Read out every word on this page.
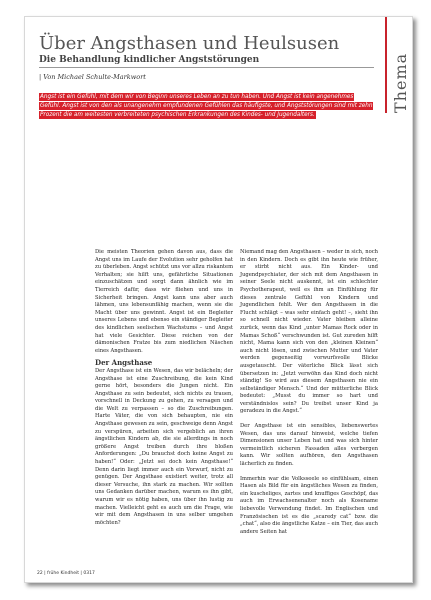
Über Angsthasen und Heulsusen
Die Behandlung kindlicher Angststörungen
| Von Michael Schulte-Markwort	Thema
Angst ist ein Gefühl, mit dem wir von Beginn unseres Leben an zu tun haben. Und Angst ist kein angenehmes Gefühl. Angst ist von den als unangenehm empfundenen Gefühlen das häufigste, und Angststörungen sind mit zehn Prozent die am weitesten verbreiteten psychischen Erkrankungen des Kindes- und Jugendalters.

Die meisten Theorien gehen davon aus, dass die Angst uns im Laufe der Evolution sehr geholfen hat zu überleben. Angst schützt uns vor allzu riskantem Verhalten; sie hilft uns, gefährliche Situationen einzuschätzen und sorgt dann ähnlich wie im Tierreich dafür, dass wir fliehen und uns in Sicherheit bringen. Angst kann uns aber auch lähmen, uns lebensunfähig machen, wenn sie die Macht über uns gewinnt. Angst ist ein Begleiter unseres Lebens und ebenso ein ständiger Begleiter des kindlichen seelischen Wachstums – und Angst hat viele Gesichter. Diese reichen von der dämonischen Fratze bis zum niedlichen Näschen eines Angsthasen.

Der Angsthase

Der Angsthase ist ein Wesen, das wir belächeln; der Angsthase ist eine Zuschreibung, die kein Kind gerne hört, besonders die Jungen nicht. Ein Angsthase zu sein bedeutet, sich nichts zu trauen, vorschnell in Deckung zu gehen, zu versagen und die Welt zu verpassen – so die Zuschreibungen. Harte Väter, die von sich behaupten, nie ein Angsthase gewesen zu sein, geschweige denn Angst zu verspüren, arbeiten sich vergeblich an ihren ängstlichen Kindern ab, die sie allerdings in noch größere Angst treiben durch ihre bloßen Anforderungen: „Du brauchst doch keine Angst zu haben!“ Oder: „Jetzt sei doch kein Angsthase!“ Denn darin liegt immer auch ein Vorwurf, nicht zu genügen. Der Angsthase existiert weiter, trotz all dieser Versuche, ihn stark zu machen. Wir sollten uns Gedanken darüber machen, warum es ihn gibt, warum wir es nötig haben, uns über ihn lustig zu machen. Vielleicht geht es auch um die Frage, wie wir mit dem Angsthasen in uns selber umgehen möchten?

Niemand mag den Angsthasen – weder in sich, noch in den Kindern. Doch es gibt ihn heute wie früher, er stirbt nicht aus. Ein Kinder- und Jugendpsychiater, der sich mit dem Angsthasen in seiner Seele nicht auskennt, ist ein schlechter Psychotherapeut, weil es ihm an Einfühlung für dieses zentrale Gefühl von Kindern und Jugendlichen fehlt. Wer den Angsthasen in die Flucht schlägt – was sehr einfach geht! –, sieht ihn so schnell nicht wieder. Vater bleiben alleine zurück, wenn das Kind „unter Mamas Rock oder in Mamas Schoß“ verschwunden ist. Gut zureden hilft nicht, Mama kann sich von den „kleinen Kleinen“ auch nicht lösen, und zwischen Mutter und Vater werden gegenseitig vorwurfsvolle Blicke ausgetauscht. Der väterliche Blick lässt sich übersetzen in: „Jetzt verwöhn das Kind doch nicht ständig! So wird aus diesem Angsthasen nie ein selbständiger Mensch.“ Und der mütterliche Blick bedeutet: „Musst du immer so hart und verständnislos sein? Du treibst unser Kind ja geradezu in die Angst.“

Der Angsthase ist ein sensibles, liebenswertes Wesen, das uns darauf hinweist, welche tiefen Dimensionen unser Leben hat und was sich hinter vermeintlich sicheren Fassaden alles verbergen kann. Wir sollten aufhören, den Angsthasen lächerlich zu finden.

Immerhin war die Volksseele so einfühlsam, einen Hasen als Bild für ein ängstliches Wesen zu finden, ein kuscheliges, zartes und knuffiges Geschöpf, das auch im Erwachsenenalter noch als Kosename liebevolle Verwendung findet. Im Englischen und Französischen ist es die „scaredy cat“ bzw. die „chat“, also die ängstliche Katze – ein Tier, das auch andere Seiten hat

22 | frühe Kindheit | 0317
